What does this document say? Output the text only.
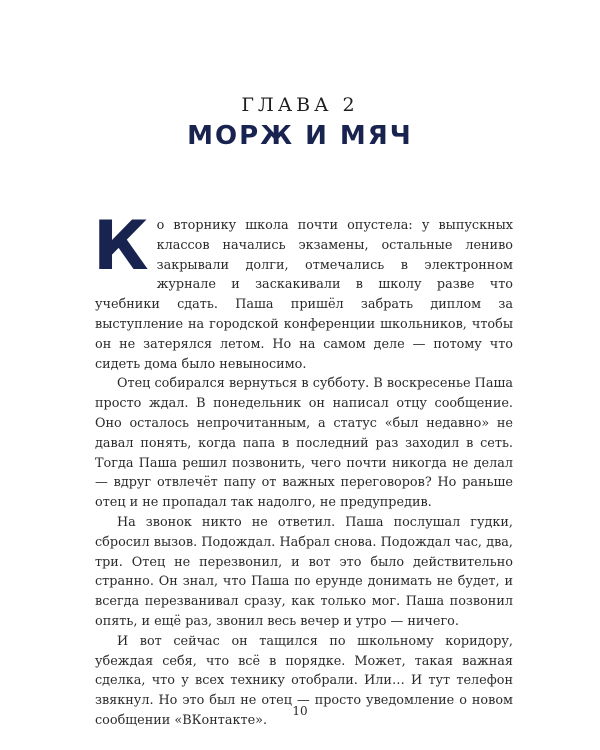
ГЛАВА 2
МОРЖ И МЯЧ

Ко вторнику школа почти опустела: у выпускных классов начались экзамены, остальные лениво закрывали долги, отмечались в электронном журнале и заскакивали в школу разве что учебники сдать. Паша пришёл забрать диплом за выступление на городской конференции школьников, чтобы он не затерялся летом. Но на самом деле — потому что сидеть дома было невыносимо.

Отец собирался вернуться в субботу. В воскресенье Паша просто ждал. В понедельник он написал отцу сообщение. Оно осталось непрочитанным, а статус «был недавно» не давал понять, когда папа в последний раз заходил в сеть. Тогда Паша решил позвонить, чего почти никогда не делал — вдруг отвлечёт папу от важных переговоров? Но раньше отец и не пропадал так надолго, не предупредив.

На звонок никто не ответил. Паша послушал гудки, сбросил вызов. Подождал. Набрал снова. Подождал час, два, три. Отец не перезвонил, и вот это было действительно странно. Он знал, что Паша по ерунде донимать не будет, и всегда перезванивал сразу, как только мог. Паша позвонил опять, и ещё раз, звонил весь вечер и утро — ничего.

И вот сейчас он тащился по школьному коридору, убеждая себя, что всё в порядке. Может, такая важная сделка, что у всех технику отобрали. Или… И тут телефон звякнул. Но это был не отец — просто уведомление о новом сообщении «ВКонтакте».

10
